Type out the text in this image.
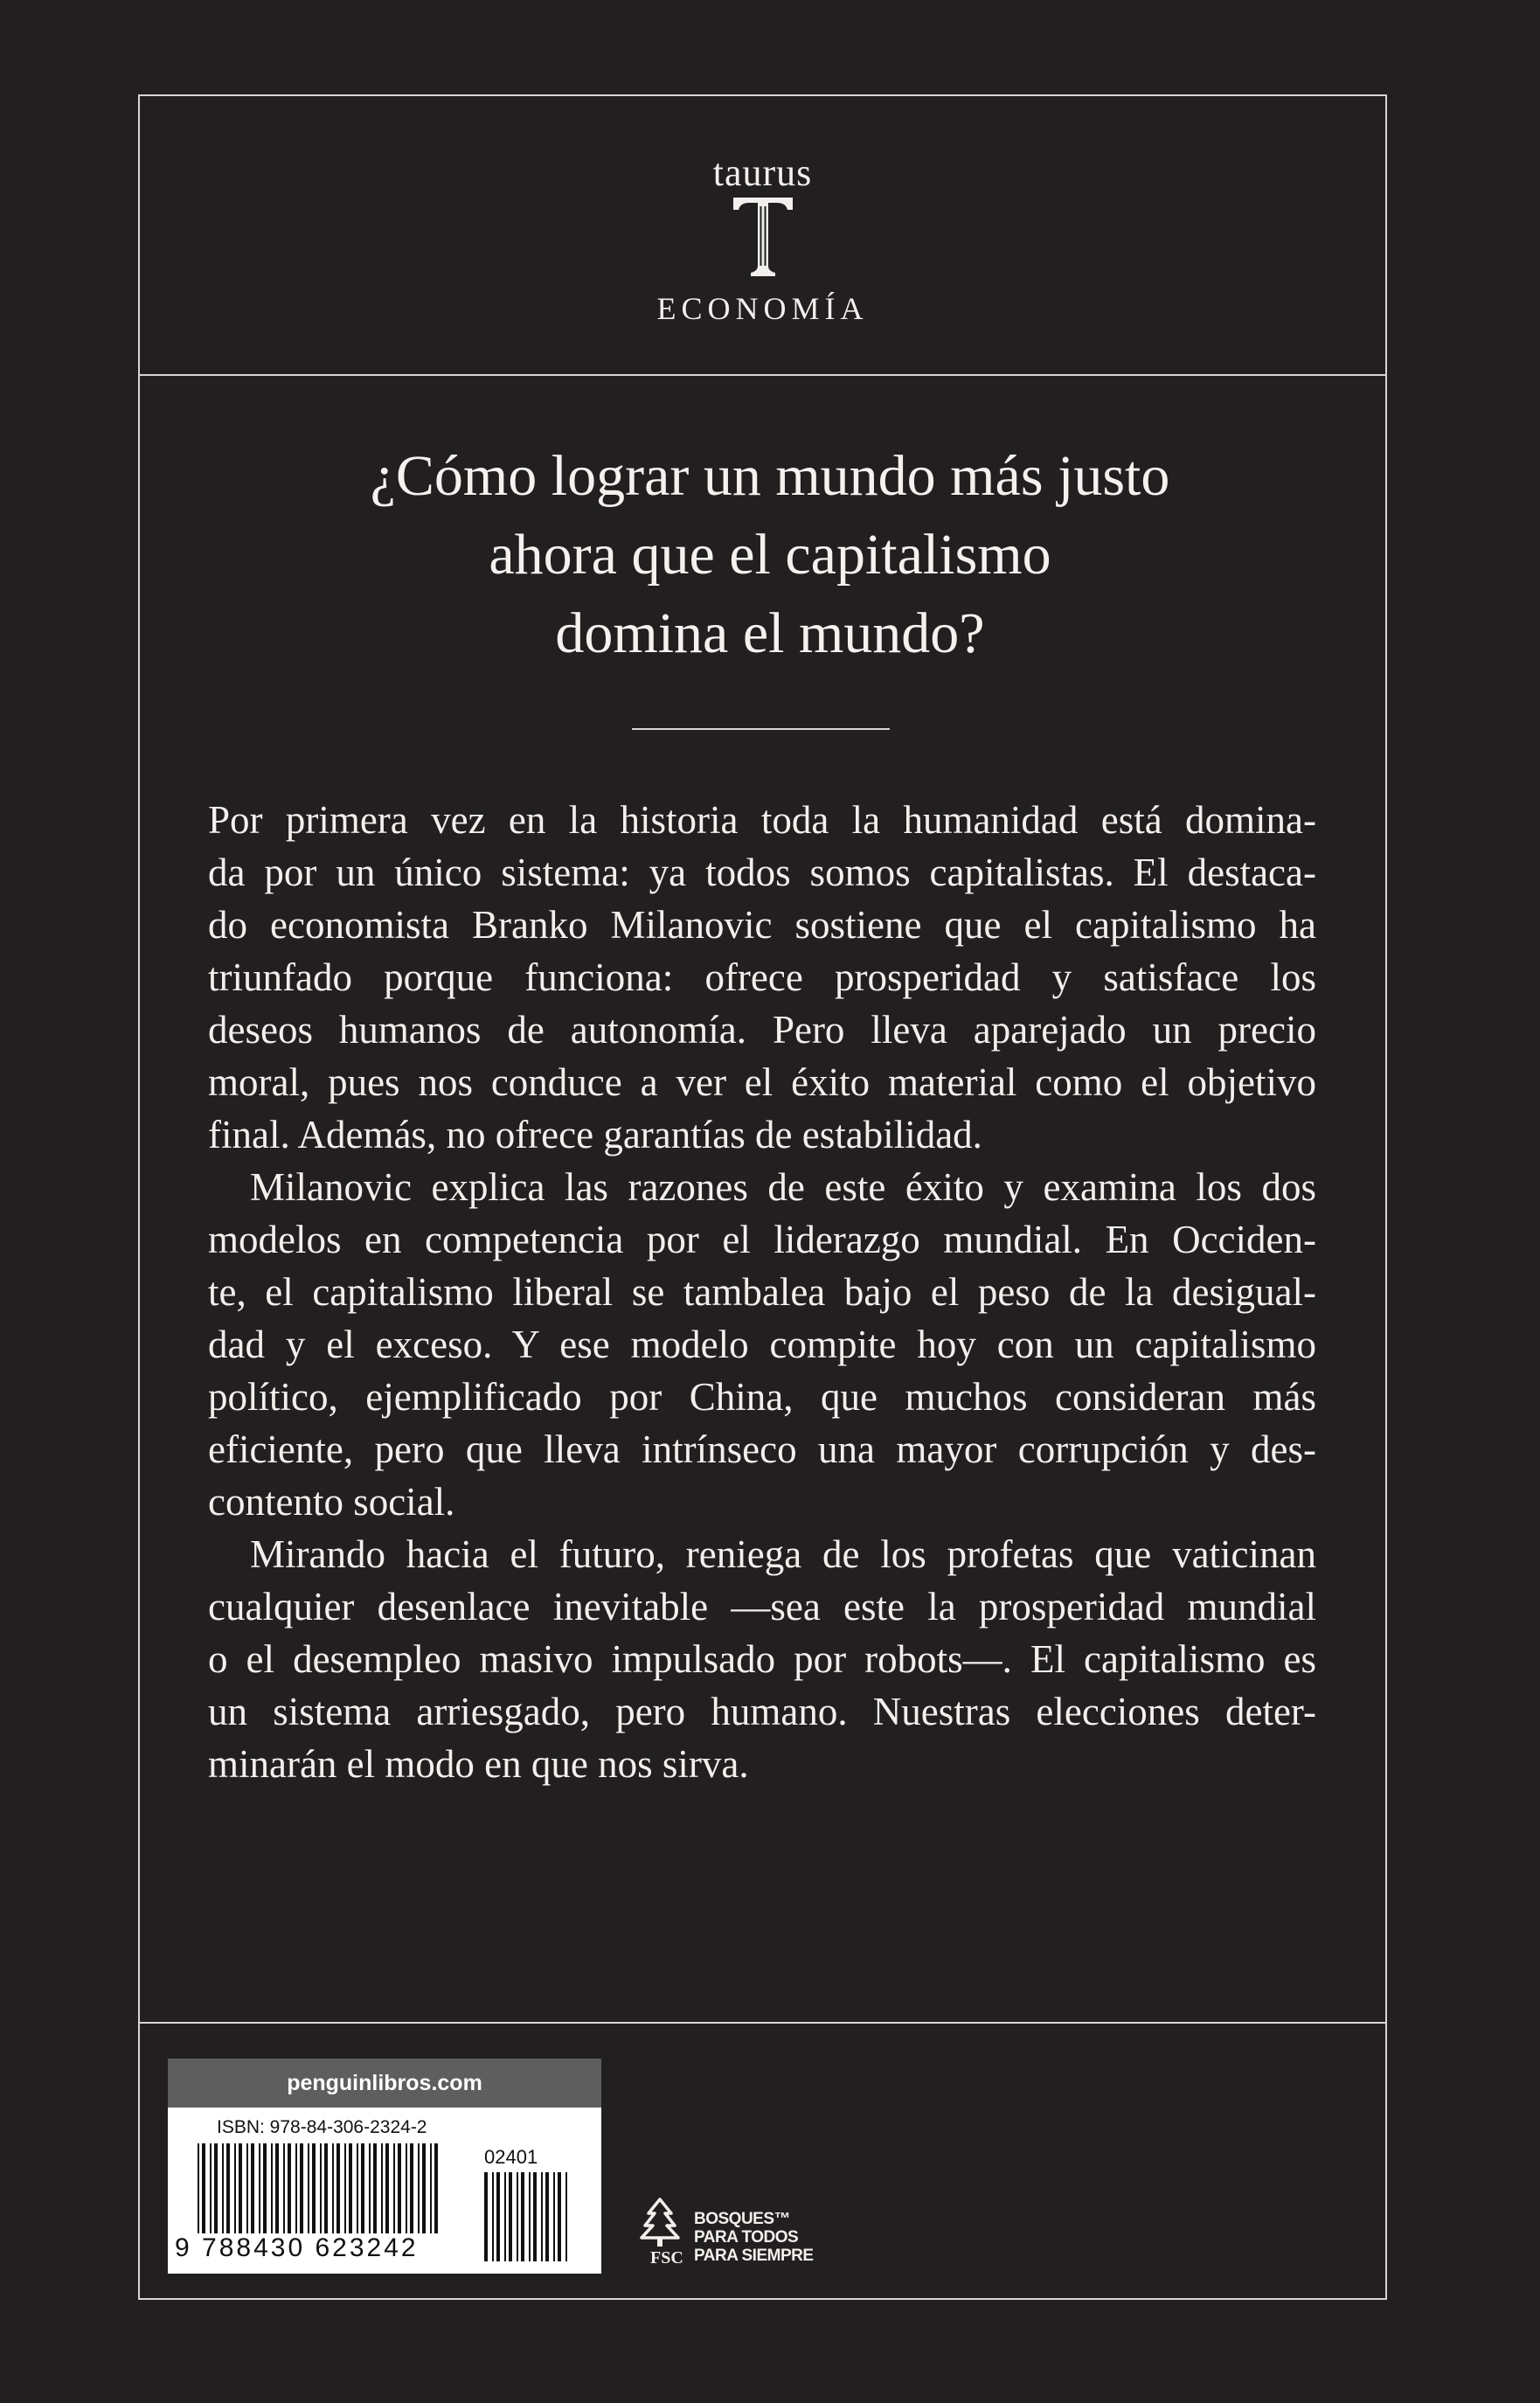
taurus
ECONOMÍA
¿Cómo lograr un mundo más justo
ahora que el capitalismo
domina el mundo?
Por primera vez en la historia toda la humanidad está domina-
da por un único sistema: ya todos somos capitalistas. El destaca-
do economista Branko Milanovic sostiene que el capitalismo ha
triunfado porque funciona: ofrece prosperidad y satisface los
deseos humanos de autonomía. Pero lleva aparejado un precio
moral, pues nos conduce a ver el éxito material como el objetivo
final. Además, no ofrece garantías de estabilidad.
Milanovic explica las razones de este éxito y examina los dos
modelos en competencia por el liderazgo mundial. En Occiden-
te, el capitalismo liberal se tambalea bajo el peso de la desigual-
dad y el exceso. Y ese modelo compite hoy con un capitalismo
político, ejemplificado por China, que muchos consideran más
eficiente, pero que lleva intrínseco una mayor corrupción y des-
contento social.
Mirando hacia el futuro, reniega de los profetas que vaticinan
cualquier desenlace inevitable —sea este la prosperidad mundial
o el desempleo masivo impulsado por robots—. El capitalismo es
un sistema arriesgado, pero humano. Nuestras elecciones deter-
minarán el modo en que nos sirva.
penguinlibros.com
ISBN: 978-84-306-2324-2
02401
9 788430 623242	FSC
BOSQUES™
PARA TODOS
PARA SIEMPRE
